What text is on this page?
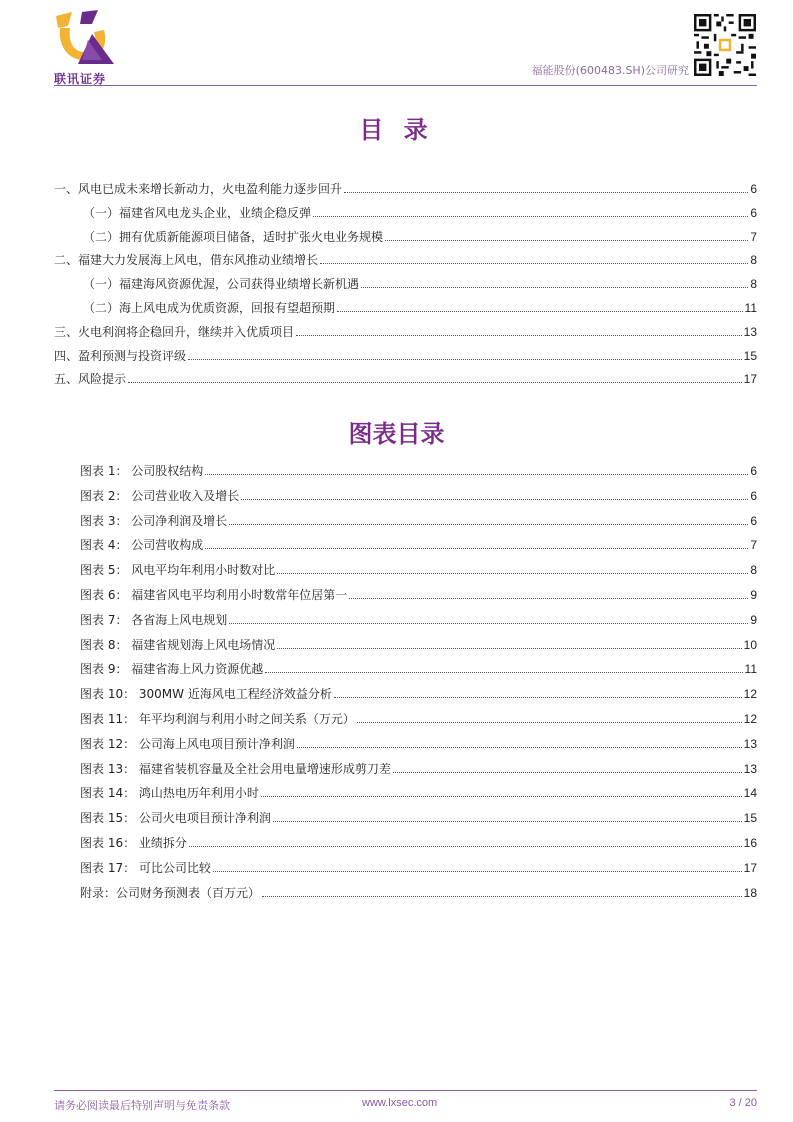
联讯证券
福能股份(600483.SH)公司研究
目 录
一、风电已成未来增长新动力，火电盈利能力逐步回升	6
（一）福建省风电龙头企业，业绩企稳反弹	6
（二）拥有优质新能源项目储备，适时扩张火电业务规模	7
二、福建大力发展海上风电，借东风推动业绩增长	8
（一）福建海风资源优渥，公司获得业绩增长新机遇	8
（二）海上风电成为优质资源，回报有望超预期	11
三、火电利润将企稳回升，继续并入优质项目	13
四、盈利预测与投资评级	15
五、风险提示	17
图表目录
图表 1： 公司股权结构	6
图表 2： 公司营业收入及增长	6
图表 3： 公司净利润及增长	6
图表 4： 公司营收构成	7
图表 5： 风电平均年利用小时数对比	8
图表 6： 福建省风电平均利用小时数常年位居第一	9
图表 7： 各省海上风电规划	9
图表 8： 福建省规划海上风电场情况	10
图表 9： 福建省海上风力资源优越	11
图表 10： 300MW 近海风电工程经济效益分析	12
图表 11： 年平均利润与利用小时之间关系（万元）	12
图表 12： 公司海上风电项目预计净利润	13
图表 13： 福建省装机容量及全社会用电量增速形成剪刀差	13
图表 14： 鸿山热电历年利用小时	14
图表 15： 公司火电项目预计净利润	15
图表 16： 业绩拆分	16
图表 17： 可比公司比较	17
附录：公司财务预测表（百万元）	18
请务必阅读最后特别声明与免责条款	www.lxsec.com	3 / 20
